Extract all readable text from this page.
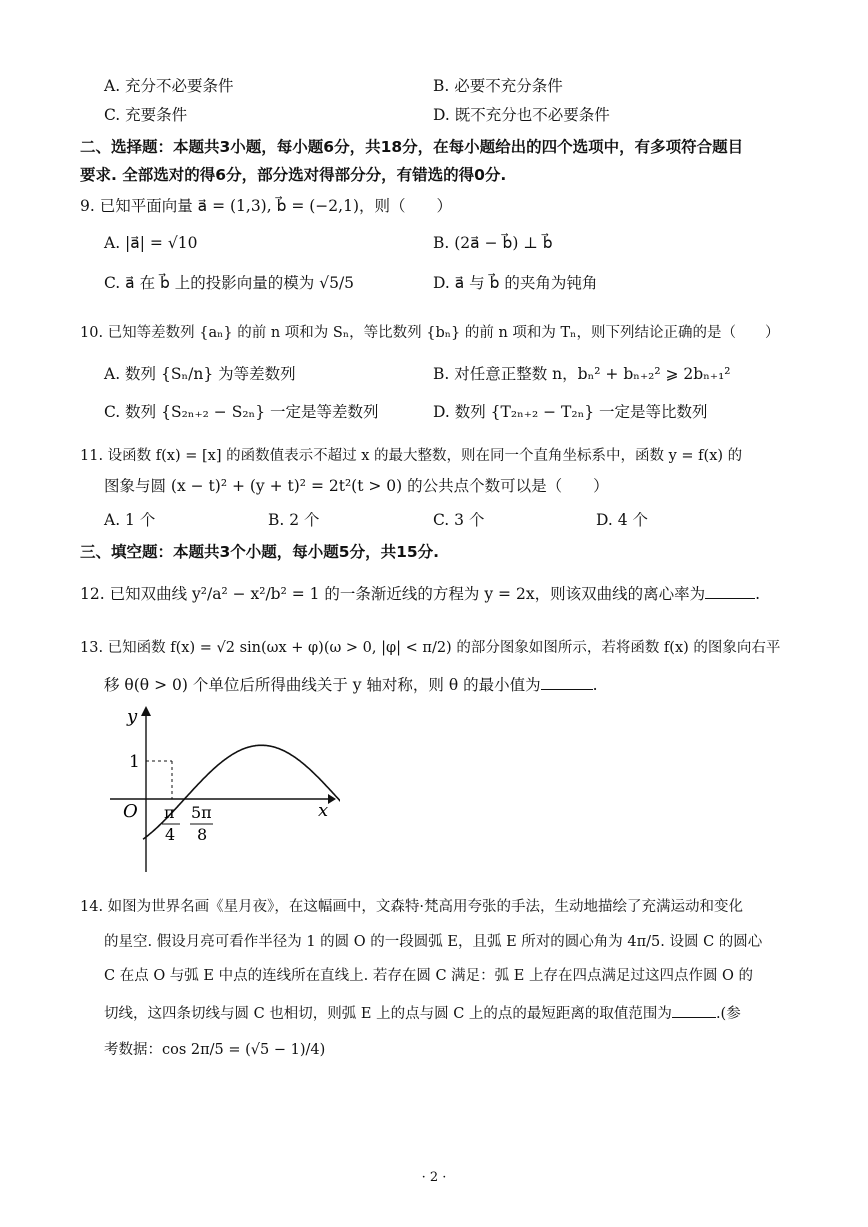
A. 充分不必要条件	B. 必要不充分条件
C. 充要条件	D. 既不充分也不必要条件
二、选择题：本题共3小题，每小题6分，共18分，在每小题给出的四个选项中，有多项符合题目
要求. 全部选对的得6分，部分选对得部分分，有错选的得0分.
9. 已知平面向量 a⃗ = (1,3), b⃗ = (−2,1)，则（　　）
A. |a⃗| = √10	B. (2a⃗ − b⃗) ⊥ b⃗
C. a⃗ 在 b⃗ 上的投影向量的模为 √5/5	D. a⃗ 与 b⃗ 的夹角为钝角
10. 已知等差数列 {aₙ} 的前 n 项和为 Sₙ，等比数列 {bₙ} 的前 n 项和为 Tₙ，则下列结论正确的是（　　）
A. 数列 {Sₙ/n} 为等差数列	B. 对任意正整数 n，bₙ² + bₙ₊₂² ⩾ 2bₙ₊₁²
C. 数列 {S₂ₙ₊₂ − S₂ₙ} 一定是等差数列	D. 数列 {T₂ₙ₊₂ − T₂ₙ} 一定是等比数列
11. 设函数 f(x) = [x] 的函数值表示不超过 x 的最大整数，则在同一个直角坐标系中，函数 y = f(x) 的
图象与圆 (x − t)² + (y + t)² = 2t²(t > 0) 的公共点个数可以是（　　）
A. 1 个	B. 2 个	C. 3 个	D. 4 个
三、填空题：本题共3个小题，每小题5分，共15分.
12. 已知双曲线 y²/a² − x²/b² = 1 的一条渐近线的方程为 y = 2x，则该双曲线的离心率为	.
13. 已知函数 f(x) = √2 sin(ωx + φ)(ω > 0, |φ| < π/2) 的部分图象如图所示，若将函数 f(x) 的图象向右平
移 θ(θ > 0) 个单位后所得曲线关于 y 轴对称，则 θ 的最小值为	.
y
x
O
1
π
4
5π
8
14. 如图为世界名画《星月夜》，在这幅画中，文森特·梵高用夸张的手法，生动地描绘了充满运动和变化
的星空. 假设月亮可看作半径为 1 的圆 O 的一段圆弧 E，且弧 E 所对的圆心角为 4π/5. 设圆 C 的圆心
C 在点 O 与弧 E 中点的连线所在直线上. 若存在圆 C 满足：弧 E 上存在四点满足过这四点作圆 O 的
切线，这四条切线与圆 C 也相切，则弧 E 上的点与圆 C 上的点的最短距离的取值范围为	.(参
考数据：cos 2π/5 = (√5 − 1)/4)
· 2 ·
